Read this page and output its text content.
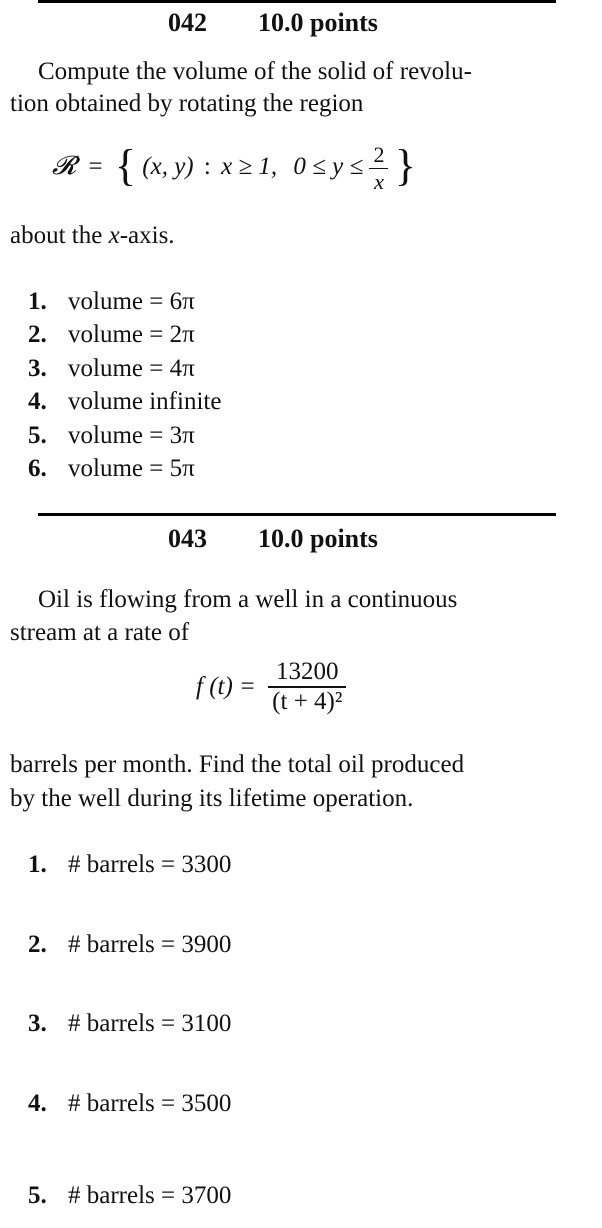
042 10.0 points
Compute the volume of the solid of revolu-
tion obtained by rotating the region
𝓡 = { (x, y) : x ≥ 1, $0 \le y \le \frac{2}{x}$ }
about the x-axis.
1. volume = 6π
2. volume = 2π
3. volume = 4π
4. volume infinite
5. volume = 3π
6. volume = 5π
043 10.0 points
Oil is flowing from a well in a continuous
stream at a rate of
f $(t) = \frac{13200}{\text{(t + 4)²}}$
barrels per month. Find the total oil produced
by the well during its lifetime operation.
1. # barrels = 3300
2. # barrels = 3900
3. # barrels = 3100
4. # barrels = 3500
5. # barrels = 3700
